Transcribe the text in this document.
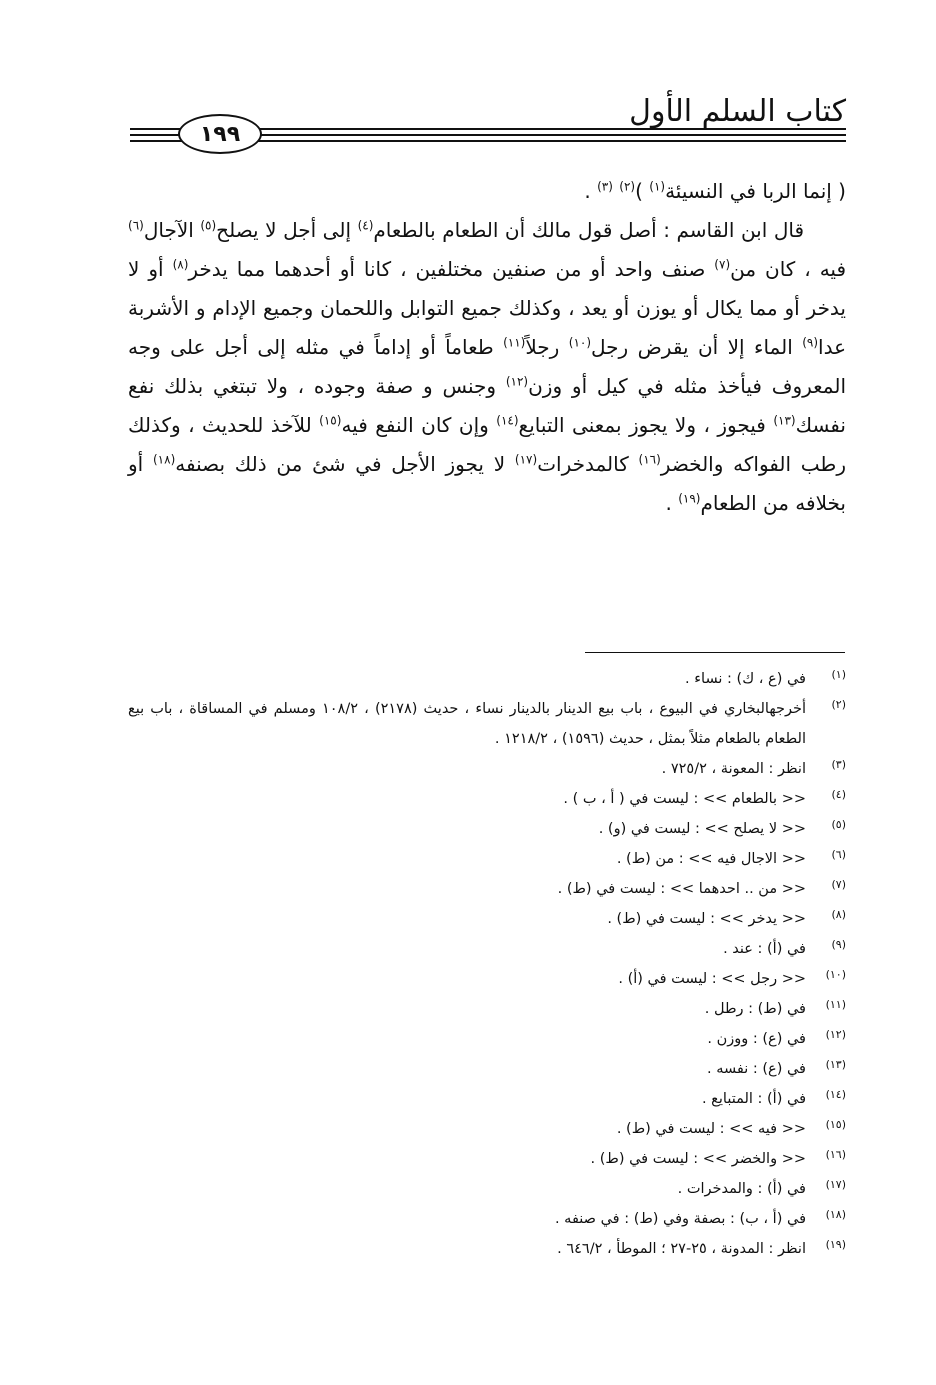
كتاب السلم الأول
١٩٩

( إنما الربا في النسيئة$^{(١)}$ )$^{(٢)}$ $^{(٣)}$ .

قال ابن القاسم : أصل قول مالك أن الطعام بالطعام$^{(٤)}$ إلى أجل لا يصلح$^{(٥)}$ الآجال$^{(٦)}$ فيه ، كان من$^{(٧)}$ صنف واحد أو من صنفين مختلفين ، كانا أو أحدهما مما يدخر$^{(٨)}$ أو لا يدخر أو مما يكال أو يوزن أو يعد ، وكذلك جميع التوابل واللحمان وجميع الإدام و الأشربة عدا$^{(٩)}$ الماء إلا أن يقرض رجل$^{(١٠)}$ رجلاً$^{(١١)}$ طعاماً أو إداماً في مثله إلى أجل على وجه المعروف فيأخذ مثله في كيل أو وزن$^{(١٢)}$ وجنس و صفة وجوده ، ولا تبتغي بذلك نفع نفسك$^{(١٣)}$ فيجوز ، ولا يجوز بمعنى التبايع$^{(١٤)}$ وإن كان النفع فيه$^{(١٥)}$ للآخذ للحديث ، وكذلك رطب الفواكه والخضر$^{(١٦)}$ كالمدخرات$^{(١٧)}$ لا يجوز الأجل في شئ من ذلك بصنفه$^{(١٨)}$ أو بخلافه من الطعام$^{(١٩)}$ .

(١)
في (ع ، ك) : نساء .
(٢)
أخرجهالبخاري في البيوع ، باب بيع الدينار بالدينار نساء ، حديث (٢١٧٨) ، ١٠٨/٢ ومسلم في المساقاة ، باب بيع الطعام بالطعام مثلاً بمثل ، حديث (١٥٩٦) ، ١٢١٨/٢ .
(٣)
انظر : المعونة ، ٧٢٥/٢ .
(٤)
<< بالطعام >> : ليست في ( أ ، ب ) .
(٥)
<< لا يصلح >> : ليست في (و) .
(٦)
<< الاجال فيه >> : من (ط) .
(٧)
<< من .. احدهما >> : ليست في (ط) .
(٨)
<< يدخر >> : ليست في (ط) .
(٩)
في (أ) : عند .
(١٠)
<< رجل >> : ليست في (أ) .
(١١)
في (ط) : رطل .
(١٢)
في (ع) : ووزن .
(١٣)
في (ع) : نفسه .
(١٤)
في (أ) : المتبايع .
(١٥)
<< فيه >> : ليست في (ط) .
(١٦)
<< والخضر >> : ليست في (ط) .
(١٧)
في (أ) : والمدخرات .
(١٨)
في (أ ، ب) : بصفة وفي (ط) : في صنفه .
(١٩)
انظر : المدونة ، ٢٥-٢٧ ؛ الموطأ ، ٦٤٦/٢ .
